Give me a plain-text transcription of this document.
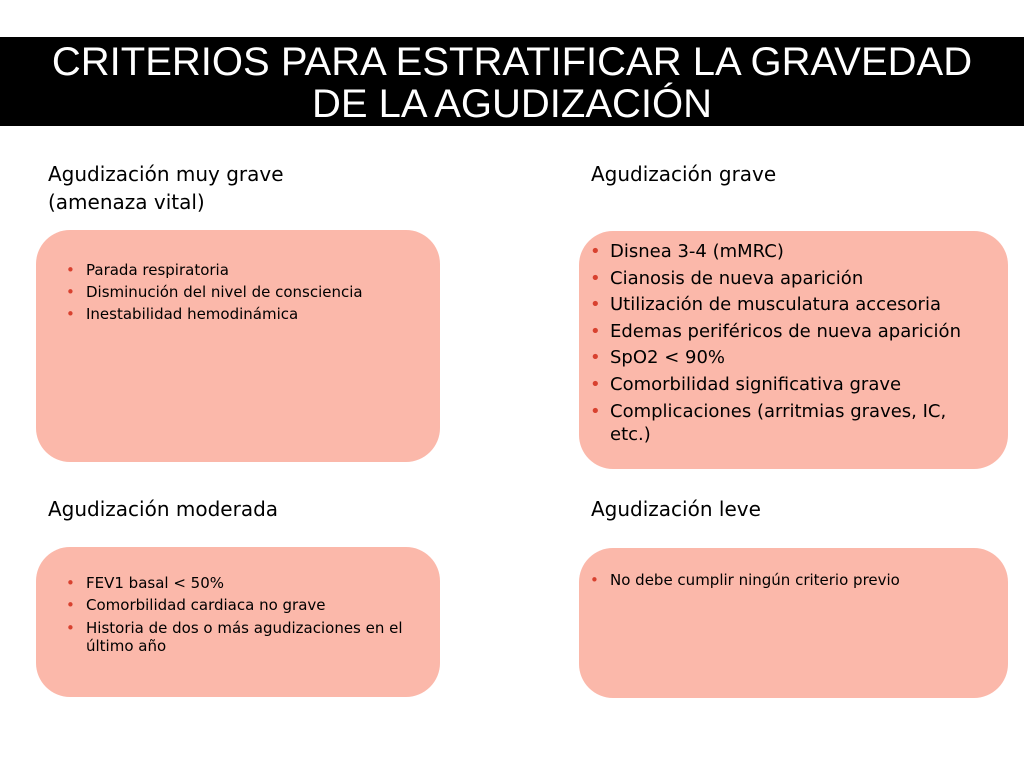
CRITERIOS PARA ESTRATIFICAR LA GRAVEDAD
DE LA AGUDIZACIÓN
Agudización muy grave
(amenaza vital)
• Parada respiratoria
• Disminución del nivel de consciencia
• Inestabilidad hemodinámica
Agudización grave
• Disnea 3-4 (mMRC)
• Cianosis de nueva aparición
• Utilización de musculatura accesoria
• Edemas periféricos de nueva aparición
• SpO2 < 90%
• Comorbilidad significativa grave
• Complicaciones (arritmias graves, IC, etc.)
Agudización moderada
• FEV1 basal < 50%
• Comorbilidad cardiaca no grave
• Historia de dos o más agudizaciones en el último año
Agudización leve
• No debe cumplir ningún criterio previo
